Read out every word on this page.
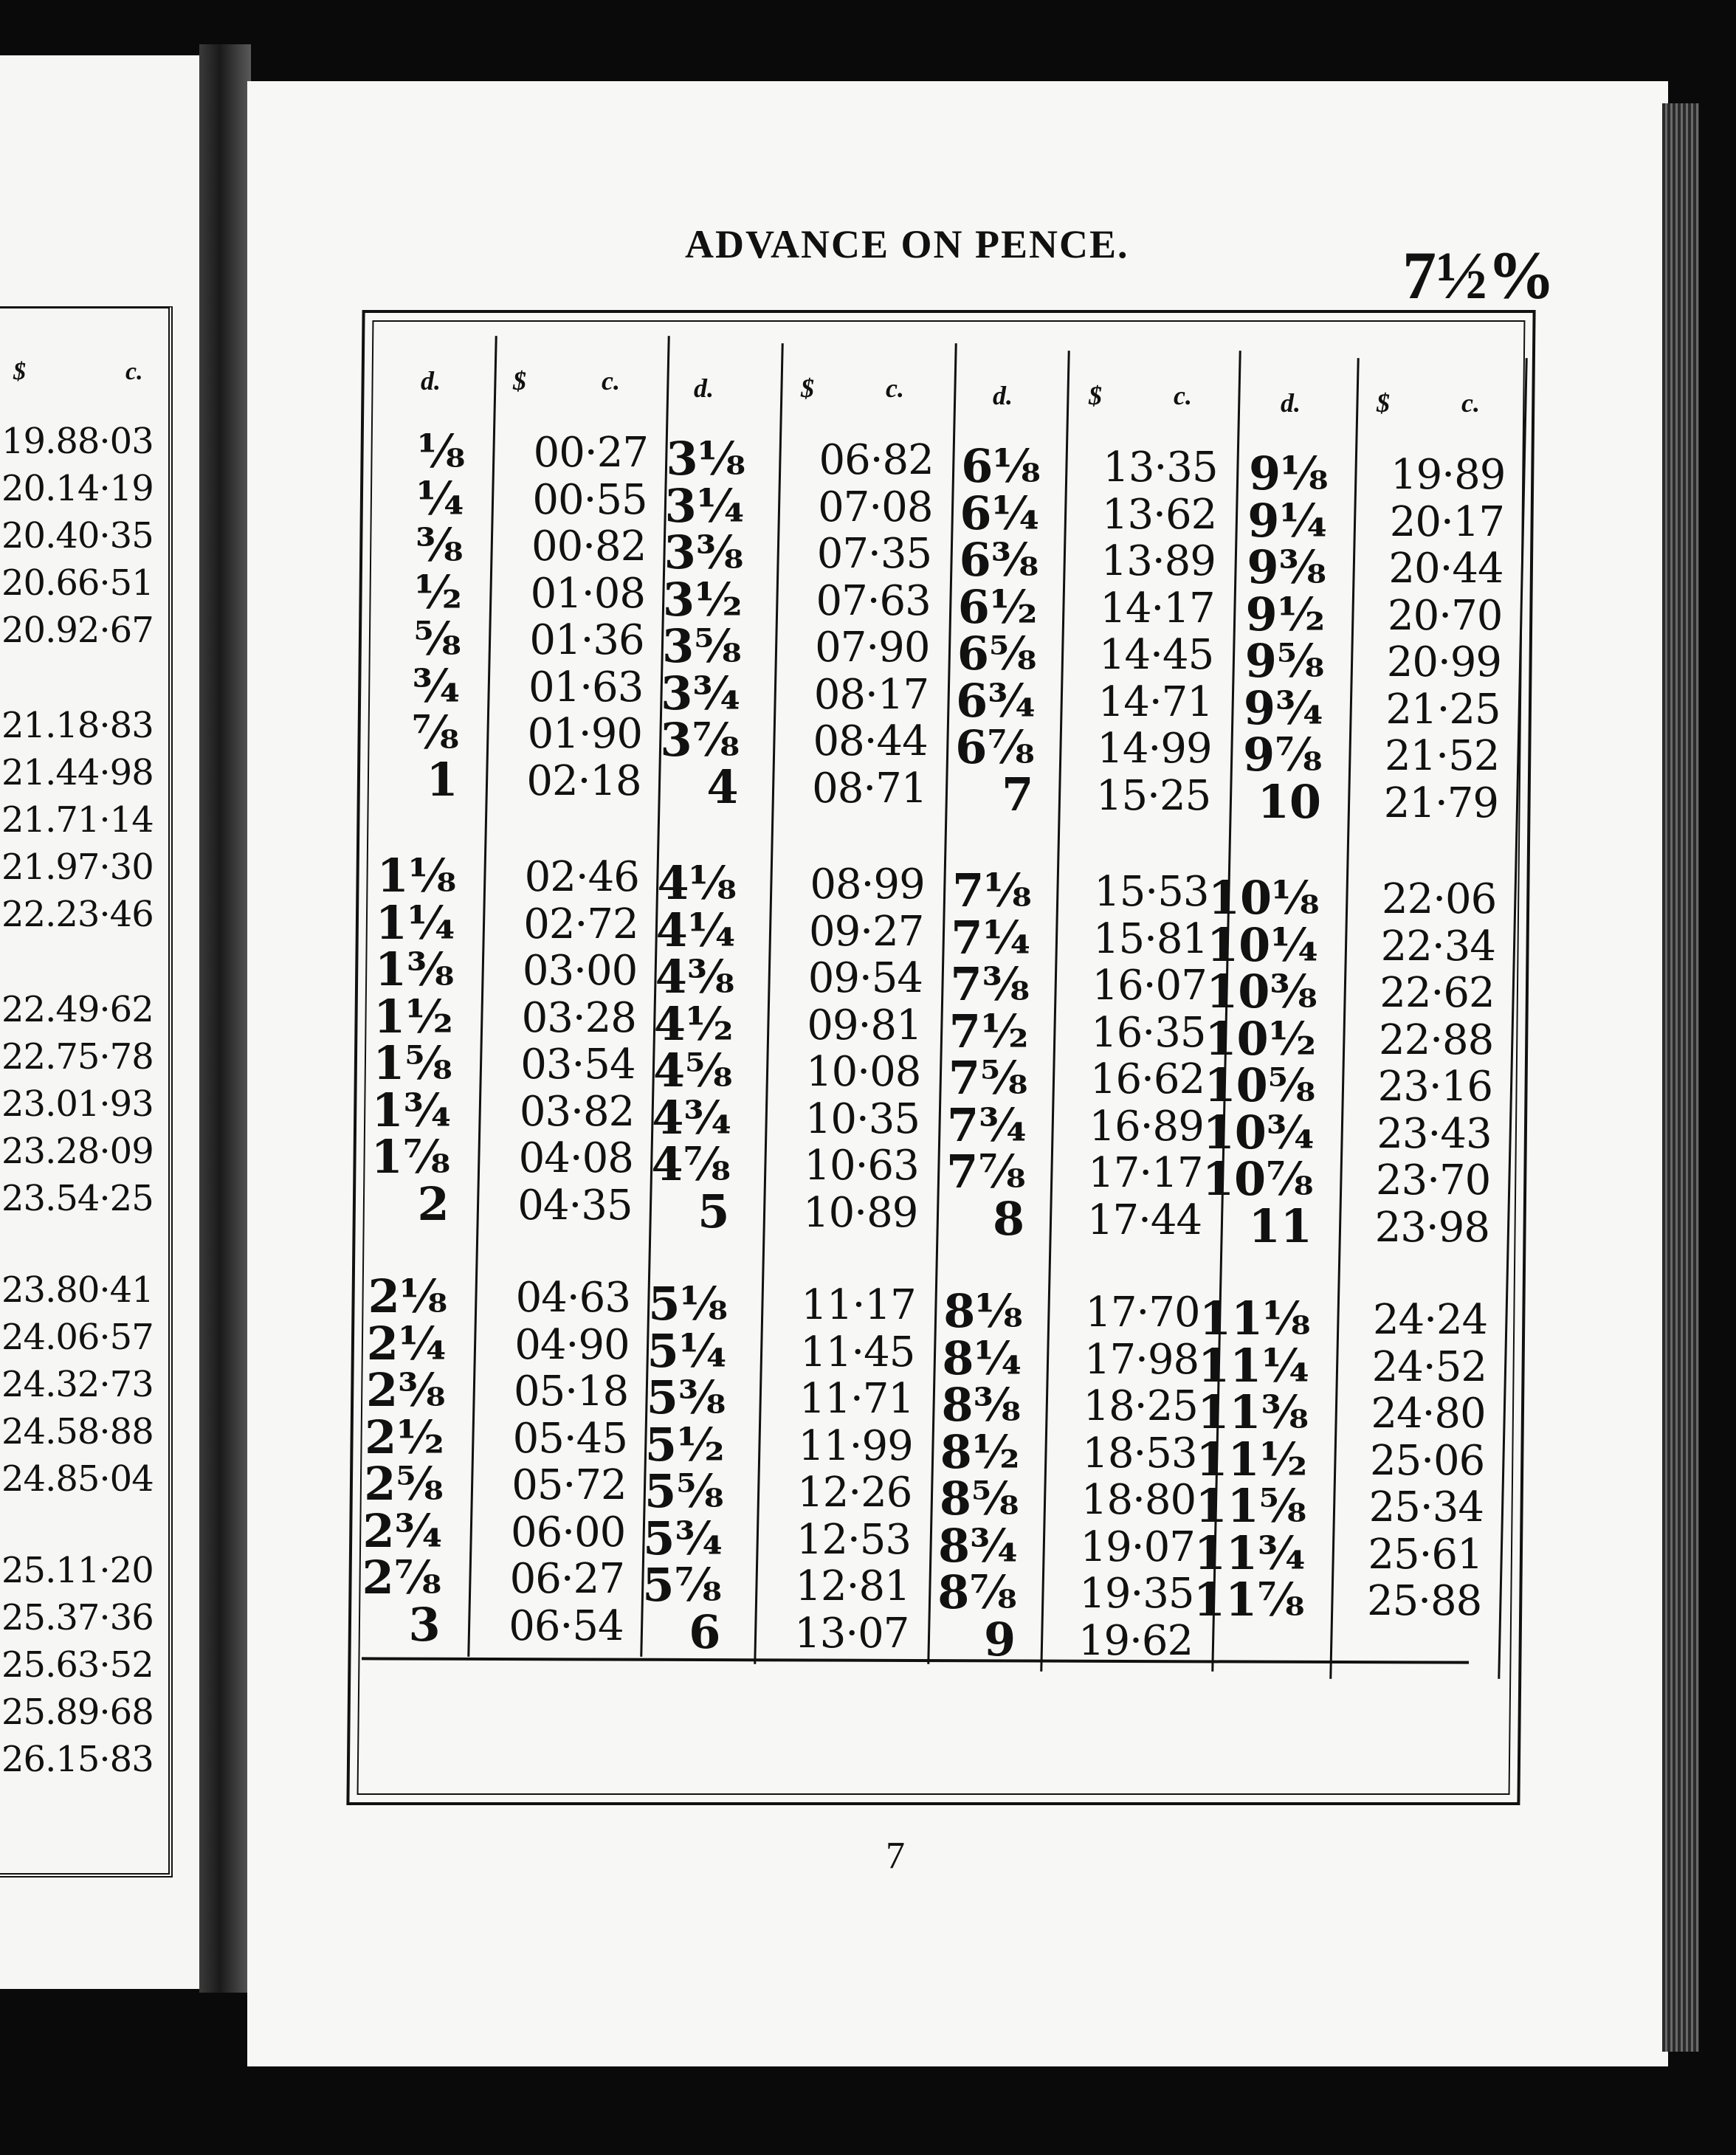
$	c.
19.88·03
20.14·19
20.40·35
20.66·51
20.92·67
21.18·83
21.44·98
21.71·14
21.97·30
22.23·46
22.49·62
22.75·78
23.01·93
23.28·09
23.54·25
23.80·41
24.06·57
24.32·73
24.58·88
24.85·04
25.11·20
25.37·36
25.63·52
25.89·68
26.15·83
ADVANCE ON PENCE.	7½%
d.	$	c.
⅛	00·27
¼	00·55
⅜	00·82
½	01·08
⅝	01·36
¾	01·63
⅞	01·90
1	02·18
1⅛	02·46
1¼	02·72
1⅜	03·00
1½	03·28
1⅝	03·54
1¾	03·82
1⅞	04·08
2	04·35
2⅛	04·63
2¼	04·90
2⅜	05·18
2½	05·45
2⅝	05·72
2¾	06·00
2⅞	06·27
3	06·54
d.	$	c.
3⅛	06·82
3¼	07·08
3⅜	07·35
3½	07·63
3⅝	07·90
3¾	08·17
3⅞	08·44
4	08·71
4⅛	08·99
4¼	09·27
4⅜	09·54
4½	09·81
4⅝	10·08
4¾	10·35
4⅞	10·63
5	10·89
5⅛	11·17
5¼	11·45
5⅜	11·71
5½	11·99
5⅝	12·26
5¾	12·53
5⅞	12·81
6	13·07
d.	$	c.
6⅛	13·35
6¼	13·62
6⅜	13·89
6½	14·17
6⅝	14·45
6¾	14·71
6⅞	14·99
7	15·25
7⅛	15·53
7¼	15·81
7⅜	16·07
7½	16·35
7⅝	16·62
7¾	16·89
7⅞	17·17
8	17·44
8⅛	17·70
8¼	17·98
8⅜	18·25
8½	18·53
8⅝	18·80
8¾	19·07
8⅞	19·35
9	19·62
d.	$	c.
9⅛	19·89
9¼	20·17
9⅜	20·44
9½	20·70
9⅝	20·99
9¾	21·25
9⅞	21·52
10	21·79
10⅛	22·06
10¼	22·34
10⅜	22·62
10½	22·88
10⅝	23·16
10¾	23·43
10⅞	23·70
11	23·98
11⅛	24·24
11¼	24·52
11⅜	24·80
11½	25·06
11⅝	25·34
11¾	25·61
11⅞	25·88
7
